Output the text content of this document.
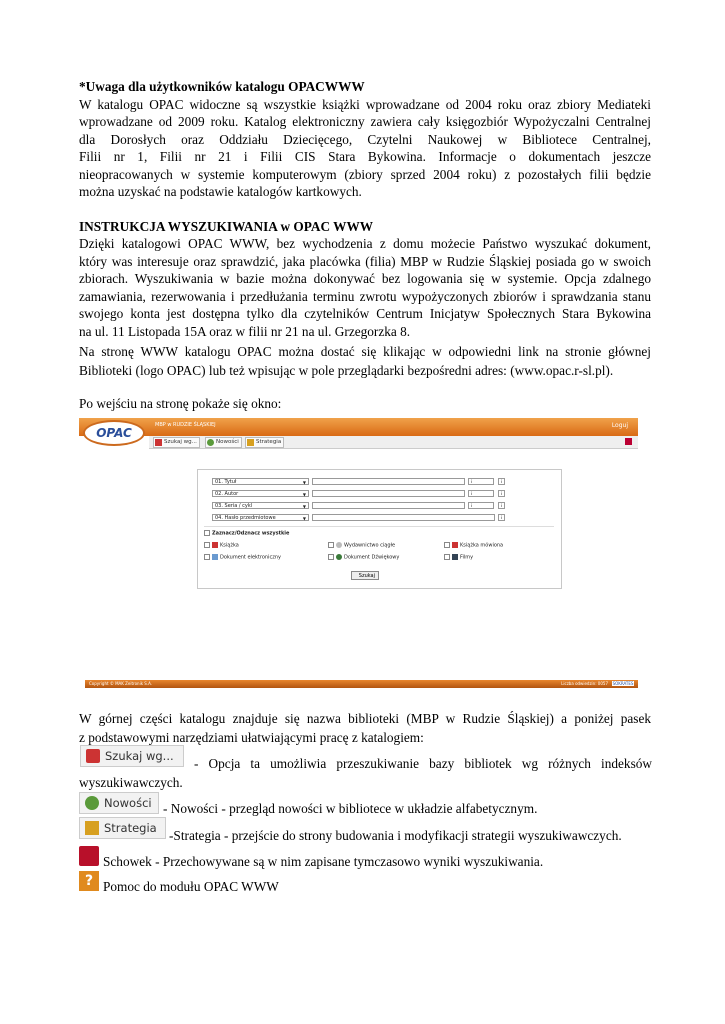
*Uwaga dla użytkowników katalogu OPACWWW

W katalogu OPAC widoczne są wszystkie książki wprowadzane od 2004 roku oraz zbiory Mediateki

wprowadzane od 2009 roku. Katalog elektroniczny zawiera cały księgozbiór Wypożyczalni Centralnej

dla Dorosłych oraz Oddziału Dziecięcego, Czytelni Naukowej w Bibliotece Centralnej,

Filii nr 1, Filii nr 21 i Filii CIS Stara Bykowina. Informacje o dokumentach jeszcze

nieopracowanych w systemie komputerowym (zbiory sprzed 2004 roku) z pozostałych filii będzie

można uzyskać na podstawie katalogów kartkowych.

INSTRUKCJA WYSZUKIWANIA w OPAC WWW

Dzięki katalogowi OPAC WWW, bez wychodzenia z domu możecie Państwo wyszukać dokument,

który was interesuje oraz sprawdzić, jaka placówka (filia) MBP w Rudzie Śląskiej posiada go w swoich

zbiorach. Wyszukiwania w bazie można dokonywać bez logowania się w systemie. Opcja zdalnego

zamawiania, rezerwowania i przedłużania terminu zwrotu wypożyczonych zbiorów i sprawdzania stanu

swojego konta jest dostępna tylko dla czytelników Centrum Inicjatyw Społecznych Stara Bykowina

na ul. 11 Listopada 15A oraz w filii nr 21 na ul. Grzegorzka 8.

Na stronę WWW katalogu OPAC można dostać się klikając w odpowiedni link na stronie głównej

Biblioteki (logo OPAC) lub też wpisując w pole przeglądarki bezpośredni adres: (www.opac.r-sl.pl).

Po wejściu na stronę pokaże się okno:

MBP w RUDZIE ŚLĄSKIEJ	Loguj
OPAC
Szukaj wg...	Nowości	Strategia
01. Tytuł	▼	i	i
02. Autor	▼	i	i
03. Seria / cykl	▼	i	i
04. Hasło przedmiotowe	▼	i
Zaznacz/Odznacz wszystkie
Książka	Wydawnictwo ciągłe	Książka mówiona
Dokument elektroniczny	Dokument Dźwiękowy	Filmy
Szukaj
Copyright © MAK Zeitronik S.A.	Liczba odwiedzin: 0057 SOKRATES

W górnej części katalogu znajduje się nazwa biblioteki (MBP w Rudzie Śląskiej) a poniżej pasek
z podstawowymi narzędziami ułatwiającymi pracę z katalogiem:

Szukaj wg... - Opcja ta umożliwia przeszukiwanie bazy bibliotek wg różnych indeksów
wyszukiwawczych.
Nowości - Nowości - przegląd nowości w bibliotece w układzie alfabetycznym.
Strategia -Strategia - przejście do strony budowania i modyfikacji strategii wyszukiwawczych.
Schowek - Przechowywane są w nim zapisane tymczasowo wyniki wyszukiwania.
? Pomoc do modułu OPAC WWW
